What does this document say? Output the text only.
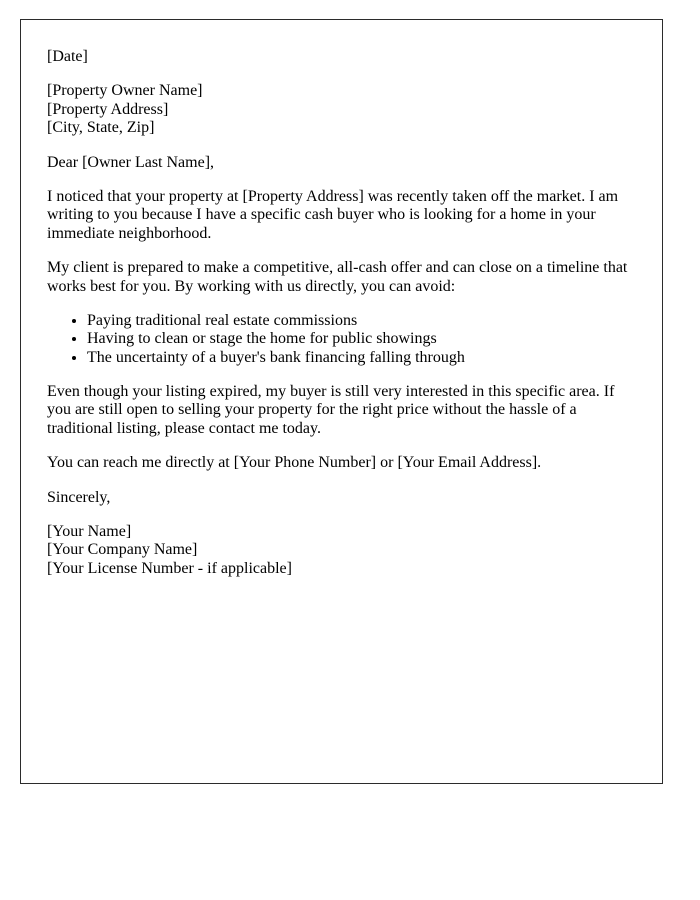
[Date]

[Property Owner Name]

[Property Address]

[City, State, Zip]

Dear [Owner Last Name],

I noticed that your property at [Property Address] was recently taken off the market. I am writing to you because I have a specific cash buyer who is looking for a home in your immediate neighborhood.

My client is prepared to make a competitive, all-cash offer and can close on a timeline that works best for you. By working with us directly, you can avoid:

• Paying traditional real estate commissions
• Having to clean or stage the home for public showings
• The uncertainty of a buyer's bank financing falling through

Even though your listing expired, my buyer is still very interested in this specific area. If you are still open to selling your property for the right price without the hassle of a traditional listing, please contact me today.

You can reach me directly at [Your Phone Number] or [Your Email Address].

Sincerely,

[Your Name]

[Your Company Name]

[Your License Number - if applicable]
